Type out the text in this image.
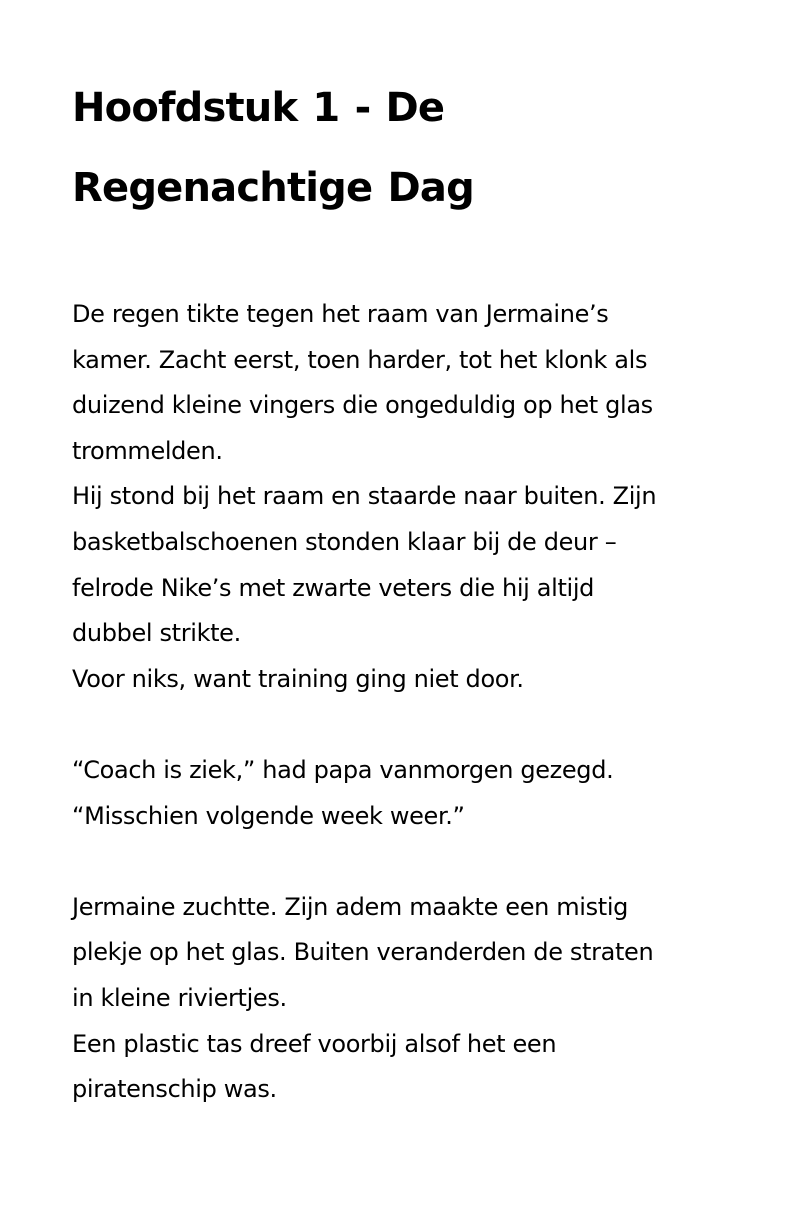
Hoofdstuk 1 - De
Regenachtige Dag
De regen tikte tegen het raam van Jermaine’s
kamer. Zacht eerst, toen harder, tot het klonk als
duizend kleine vingers die ongeduldig op het glas
trommelden.
Hij stond bij het raam en staarde naar buiten. Zijn
basketbalschoenen stonden klaar bij de deur –
felrode Nike’s met zwarte veters die hij altijd
dubbel strikte.
Voor niks, want training ging niet door.
“Coach is ziek,” had papa vanmorgen gezegd.
“Misschien volgende week weer.”
Jermaine zuchtte. Zijn adem maakte een mistig
plekje op het glas. Buiten veranderden de straten
in kleine riviertjes.
Een plastic tas dreef voorbij alsof het een
piratenschip was.
